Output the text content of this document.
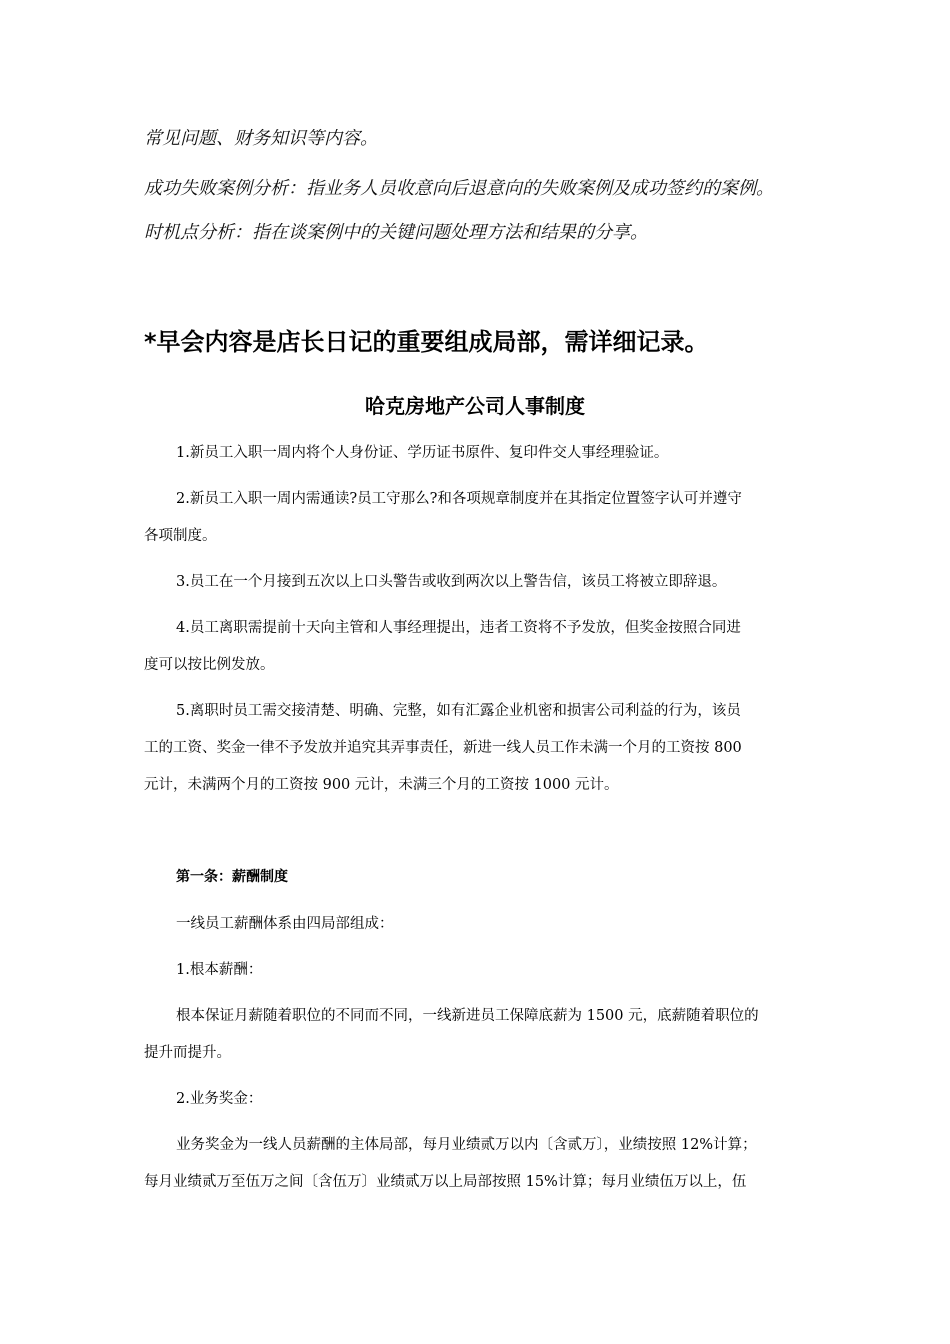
常见问题、财务知识等内容。
成功失败案例分析：指业务人员收意向后退意向的失败案例及成功签约的案例。
时机点分析：指在谈案例中的关键问题处理方法和结果的分享。
*早会内容是店长日记的重要组成局部，需详细记录。
哈克房地产公司人事制度
1.新员工入职一周内将个人身份证、学历证书原件、复印件交人事经理验证。
2.新员工入职一周内需通读?员工守那么?和各项规章制度并在其指定位置签字认可并遵守
各项制度。
3.员工在一个月接到五次以上口头警告或收到两次以上警告信，该员工将被立即辞退。
4.员工离职需提前十天向主管和人事经理提出，违者工资将不予发放，但奖金按照合同进
度可以按比例发放。
5.离职时员工需交接清楚、明确、完整，如有汇露企业机密和损害公司利益的行为，该员
工的工资、奖金一律不予发放并追究其弄事责任，新进一线人员工作未满一个月的工资按 800
元计，未满两个月的工资按 900 元计，未满三个月的工资按 1000 元计。
第一条：薪酬制度
一线员工薪酬体系由四局部组成：
1.根本薪酬：
根本保证月薪随着职位的不同而不同，一线新进员工保障底薪为 1500 元，底薪随着职位的
提升而提升。
2.业务奖金：
业务奖金为一线人员薪酬的主体局部，每月业绩贰万以内〔含贰万〕，业绩按照 12%计算；
每月业绩贰万至伍万之间〔含伍万〕业绩贰万以上局部按照 15%计算；每月业绩伍万以上，伍
